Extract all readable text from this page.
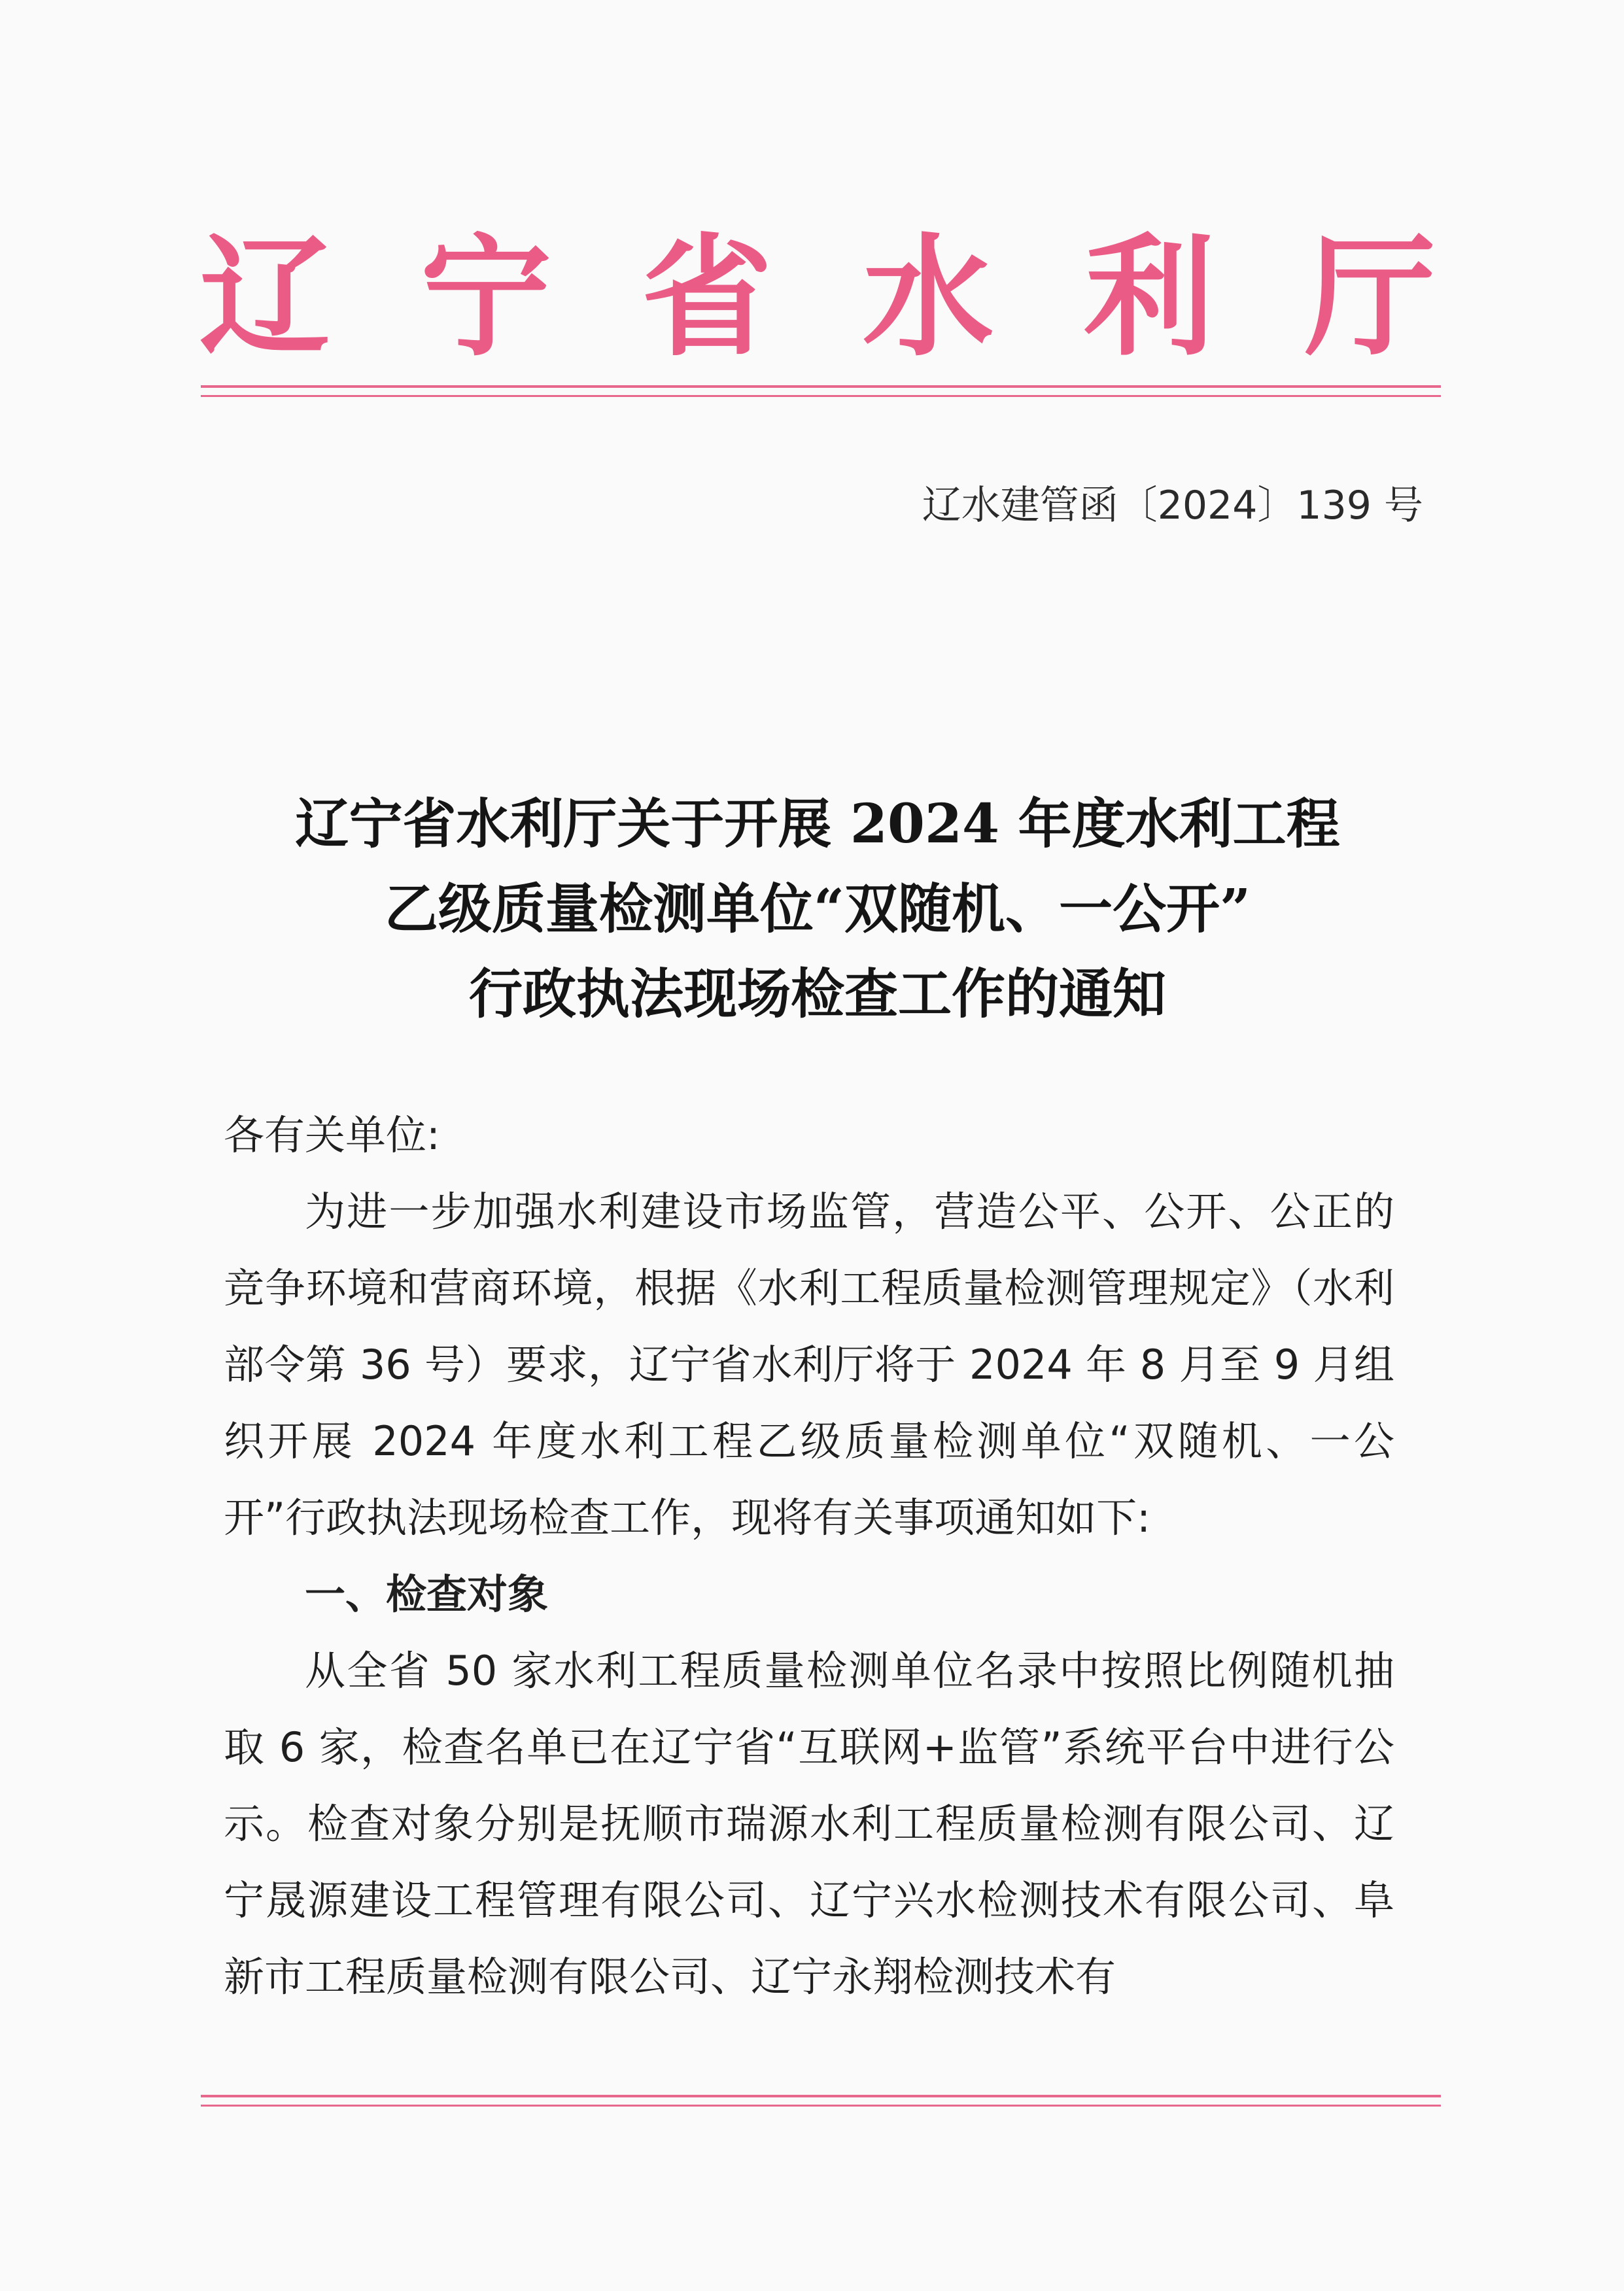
辽 宁 省 水 利 厅
辽水建管函〔2024〕139 号
辽宁省水利厅关于开展 2024 年度水利工程
乙级质量检测单位“双随机、一公开”
行政执法现场检查工作的通知

各有关单位:

为进一步加强水利建设市场监管，营造公平、公开、公正的竞争环境和营商环境，根据《水利工程质量检测管理规定》（水利部令第 36 号）要求，辽宁省水利厅将于 2024 年 8 月至 9 月组织开展 2024 年度水利工程乙级质量检测单位“双随机、一公开”行政执法现场检查工作，现将有关事项通知如下:

一、检查对象

从全省 50 家水利工程质量检测单位名录中按照比例随机抽取 6 家，检查名单已在辽宁省“互联网+监管”系统平台中进行公示。检查对象分别是抚顺市瑞源水利工程质量检测有限公司、辽宁晟源建设工程管理有限公司、辽宁兴水检测技术有限公司、阜新市工程质量检测有限公司、辽宁永翔检测技术有
